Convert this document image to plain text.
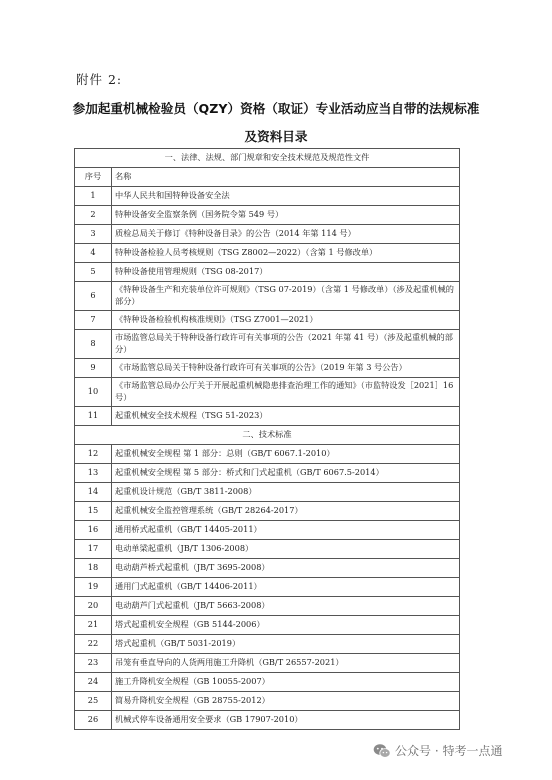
附件 2:
参加起重机械检验员（QZY）资格（取证）专业活动应当自带的法规标准
及资料目录
一、法律、法规、部门规章和安全技术规范及规范性文件	
序号	名称
1	中华人民共和国特种设备安全法
2	特种设备安全监察条例（国务院令第 549 号）
3	质检总局关于修订《特种设备目录》的公告（2014 年第 114 号）
4	特种设备检验人员考核规则（TSG Z8002—2022）（含第 1 号修改单）
5	特种设备使用管理规则（TSG 08-2017）
6	《特种设备生产和充装单位许可规则》（TSG 07-2019）（含第 1 号修改单）（涉及起重机械的部分）
7	《特种设备检验机构核准规则》（TSG Z7001—2021）
8	市场监管总局关于特种设备行政许可有关事项的公告（2021 年第 41 号）（涉及起重机械的部分）
9	《市场监管总局关于特种设备行政许可有关事项的公告》（2019 年第 3 号公告）
10	《市场监管总局办公厅关于开展起重机械隐患排查治理工作的通知》（市监特设发［2021］16 号）
11	起重机械安全技术规程（TSG 51-2023）
二、技术标准	
12	起重机械安全规程 第 1 部分：总则（GB/T 6067.1-2010）
13	起重机械安全规程 第 5 部分：桥式和门式起重机（GB/T 6067.5-2014）
14	起重机设计规范（GB/T 3811-2008）
15	起重机械安全监控管理系统（GB/T 28264-2017）
16	通用桥式起重机（GB/T 14405-2011）
17	电动单梁起重机（JB/T 1306-2008）
18	电动葫芦桥式起重机（JB/T 3695-2008）
19	通用门式起重机（GB/T 14406-2011）
20	电动葫芦门式起重机（JB/T 5663-2008）
21	塔式起重机安全规程（GB 5144-2006）
22	塔式起重机（GB/T 5031-2019）
23	吊笼有垂直导向的人货两用施工升降机（GB/T 26557-2021）
24	施工升降机安全规程（GB 10055-2007）
25	简易升降机安全规程（GB 28755-2012）
26	机械式停车设备通用安全要求（GB 17907-2010）
公众号 · 特考一点通
